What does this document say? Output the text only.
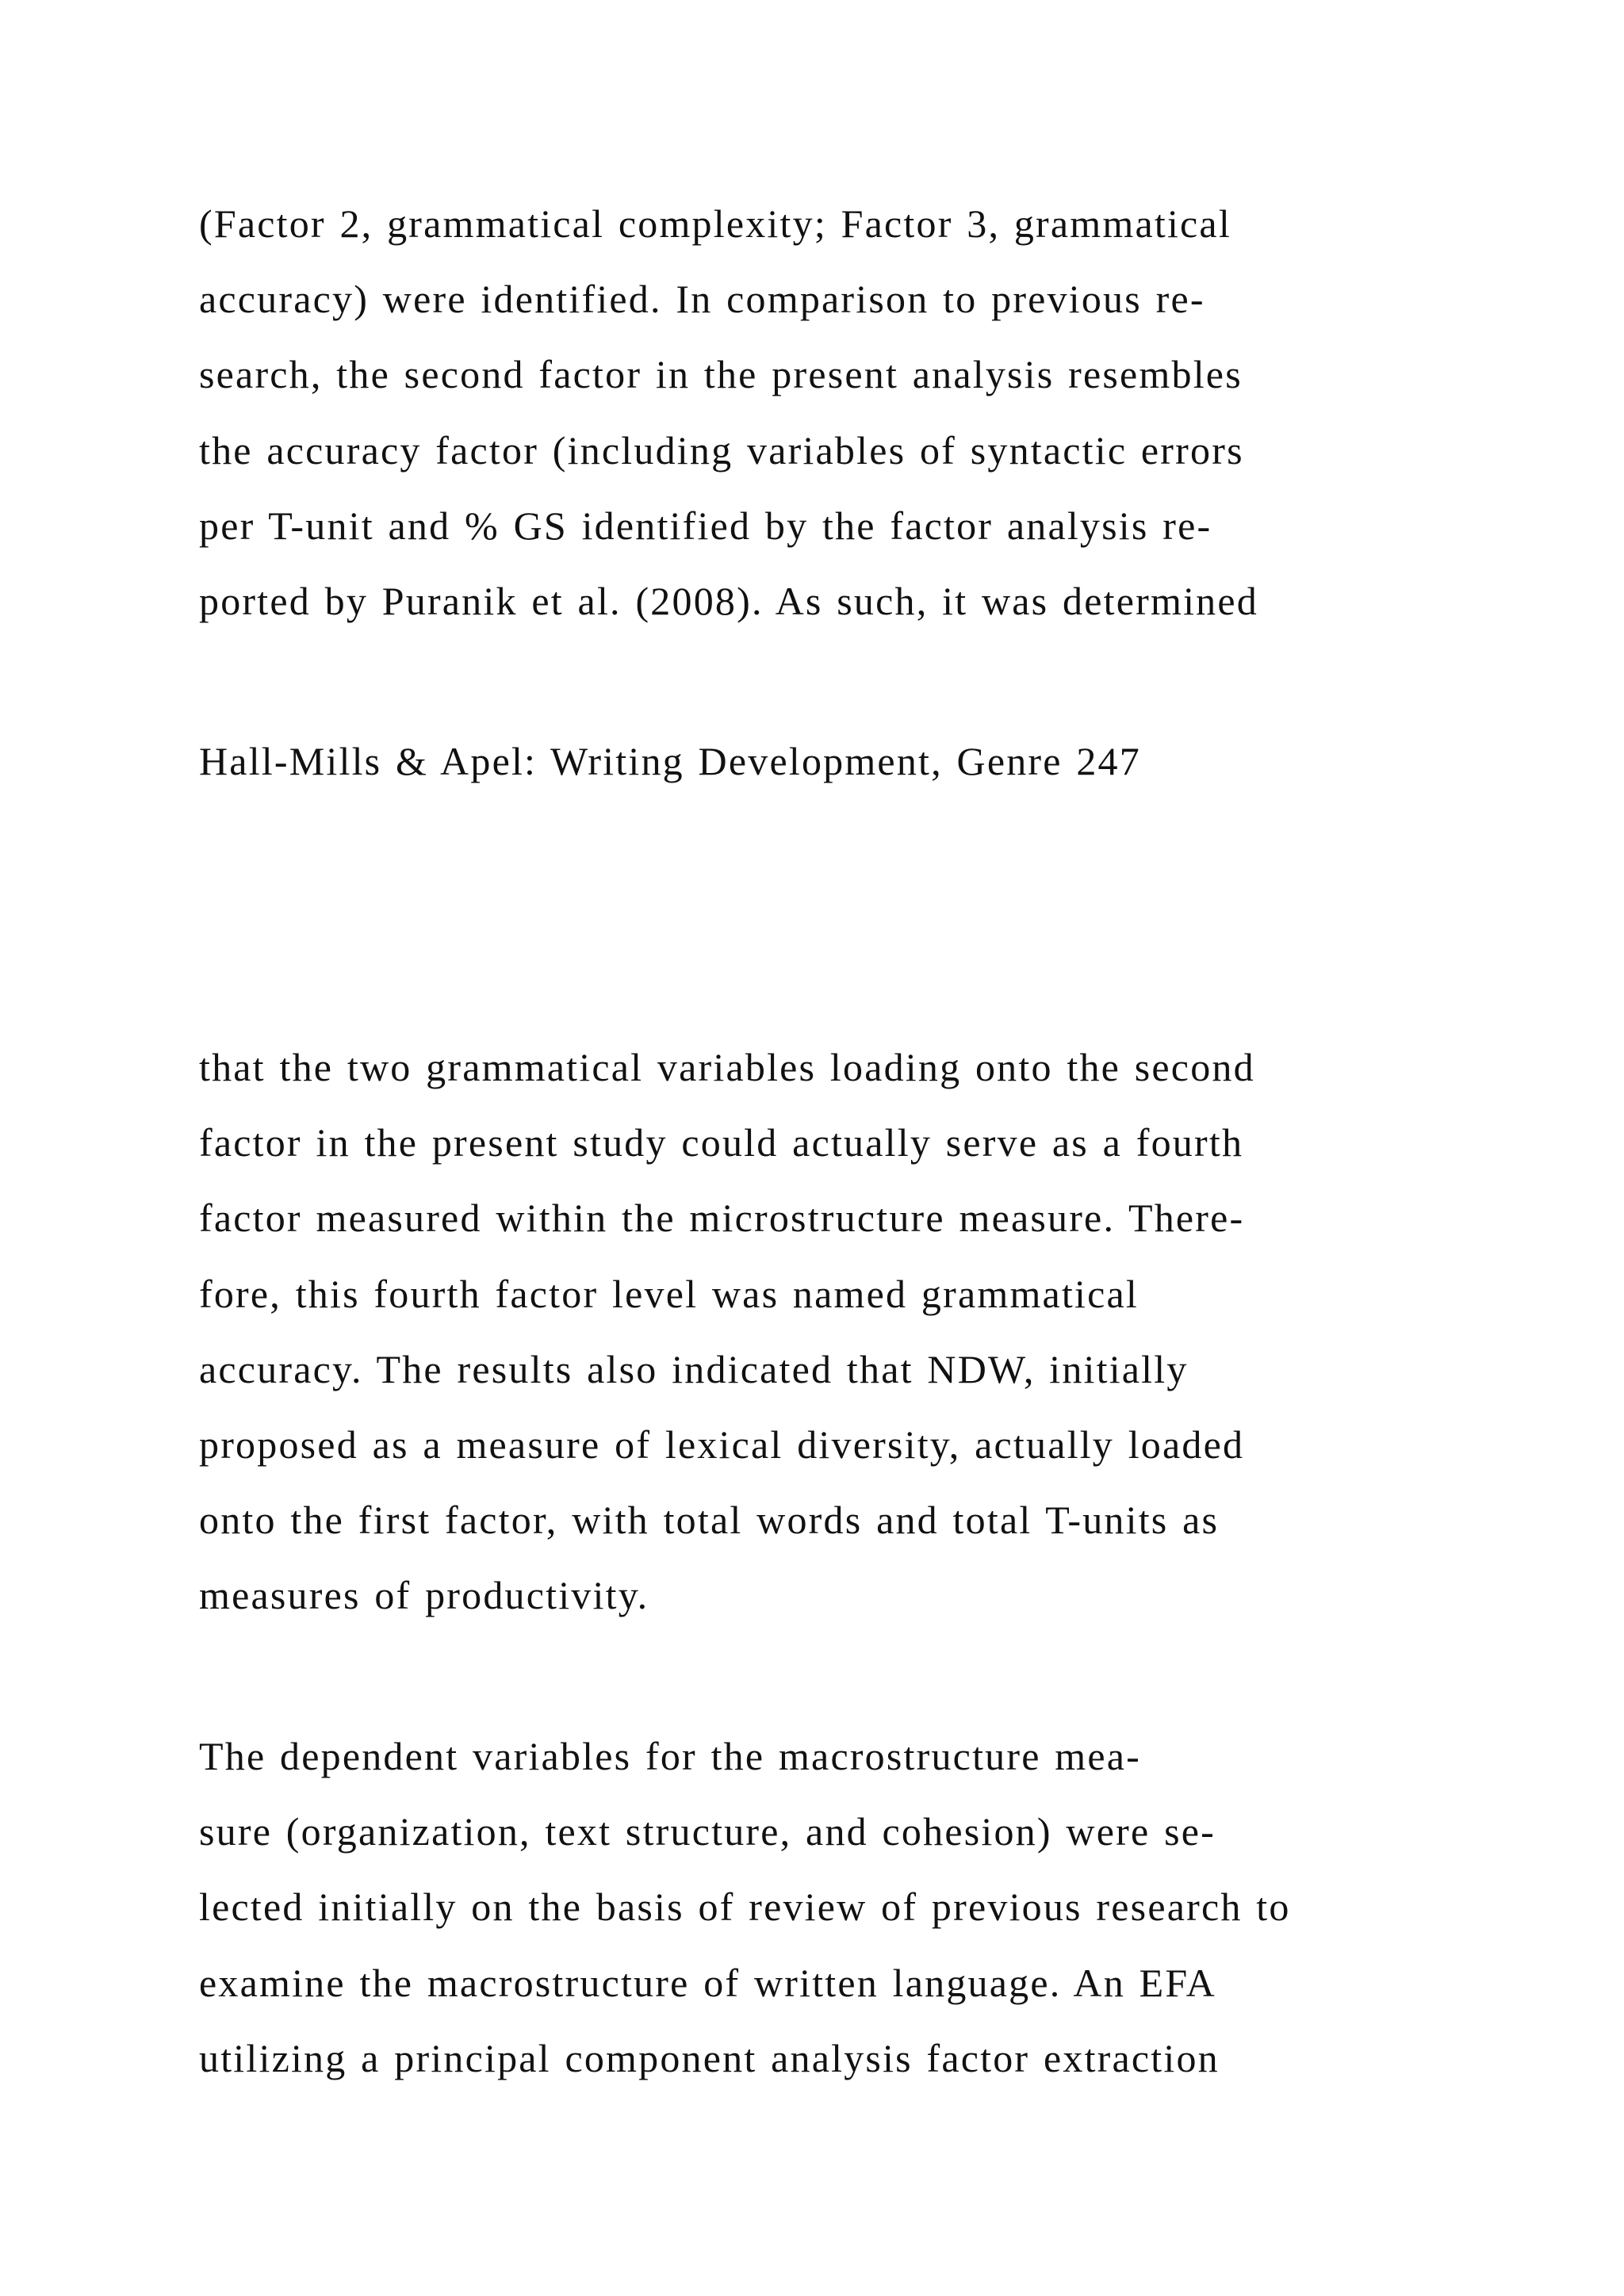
(Factor 2, grammatical complexity; Factor 3, grammatical
accuracy) were identified. In comparison to previous re-
search, the second factor in the present analysis resembles
the accuracy factor (including variables of syntactic errors
per T-unit and % GS identified by the factor analysis re-
ported by Puranik et al. (2008). As such, it was determined
Hall-Mills & Apel: Writing Development, Genre 247
that the two grammatical variables loading onto the second
factor in the present study could actually serve as a fourth
factor measured within the microstructure measure. There-
fore, this fourth factor level was named grammatical
accuracy. The results also indicated that NDW, initially
proposed as a measure of lexical diversity, actually loaded
onto the first factor, with total words and total T-units as
measures of productivity.
The dependent variables for the macrostructure mea-
sure (organization, text structure, and cohesion) were se-
lected initially on the basis of review of previous research to
examine the macrostructure of written language. An EFA
utilizing a principal component analysis factor extraction
